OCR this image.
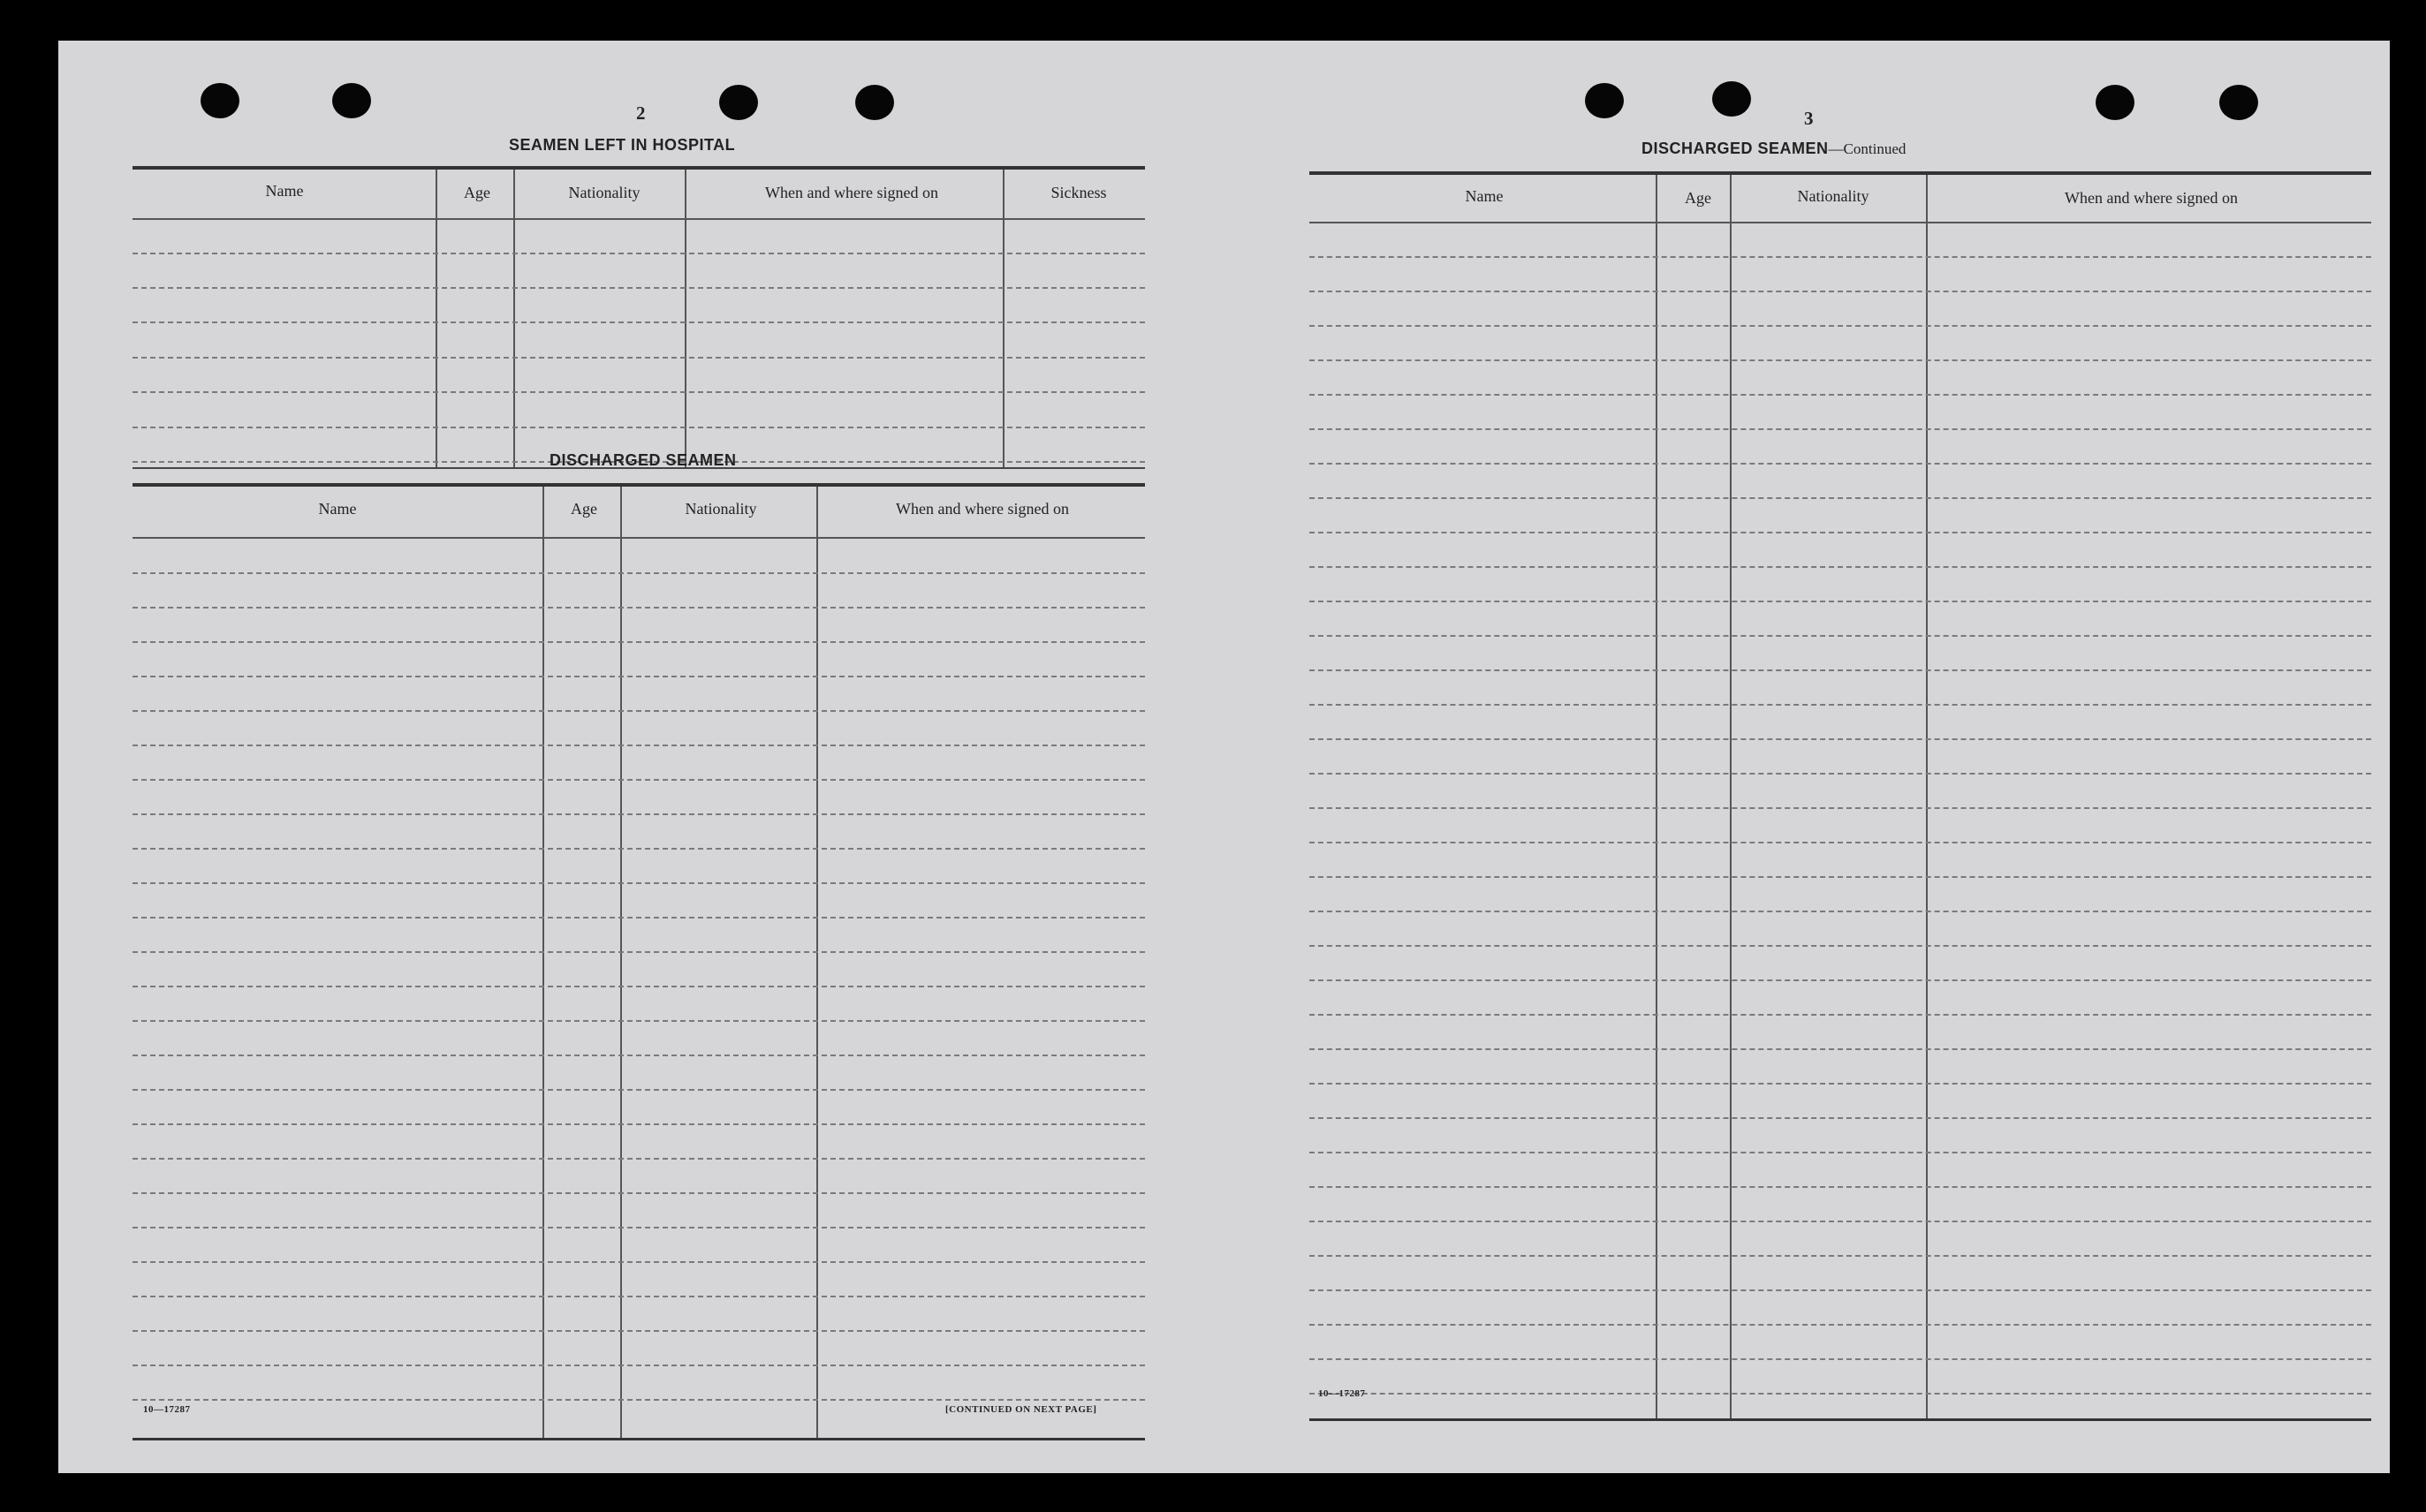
2
SEAMEN LEFT IN HOSPITAL
Name	Age	Nationality	When and where signed on	Sickness
DISCHARGED SEAMEN
Name	Age	Nationality	When and where signed on
10—17287	[CONTINUED ON NEXT PAGE]
3
DISCHARGED SEAMEN—Continued
Name	Age	Nationality	When and where signed on
10—17287
